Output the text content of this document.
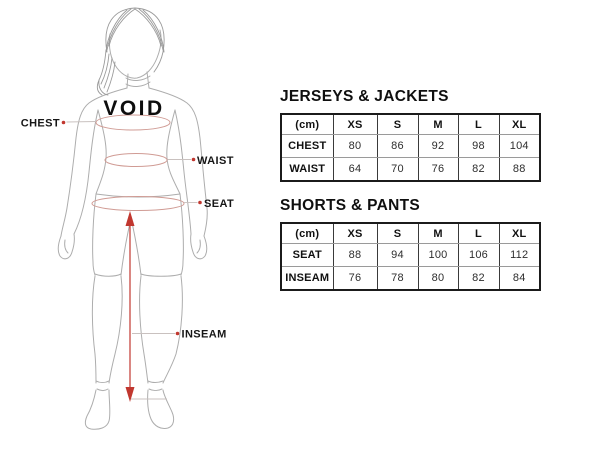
CHEST
WAIST
SEAT
INSEAM
VOID
JERSEYS & JACKETS
(cm)	XS	S	M	L	XL
CHEST	80	86	92	98	104
WAIST	64	70	76	82	88
SHORTS & PANTS
(cm)	XS	S	M	L	XL
SEAT	88	94	100	106	112
INSEAM	76	78	80	82	84
